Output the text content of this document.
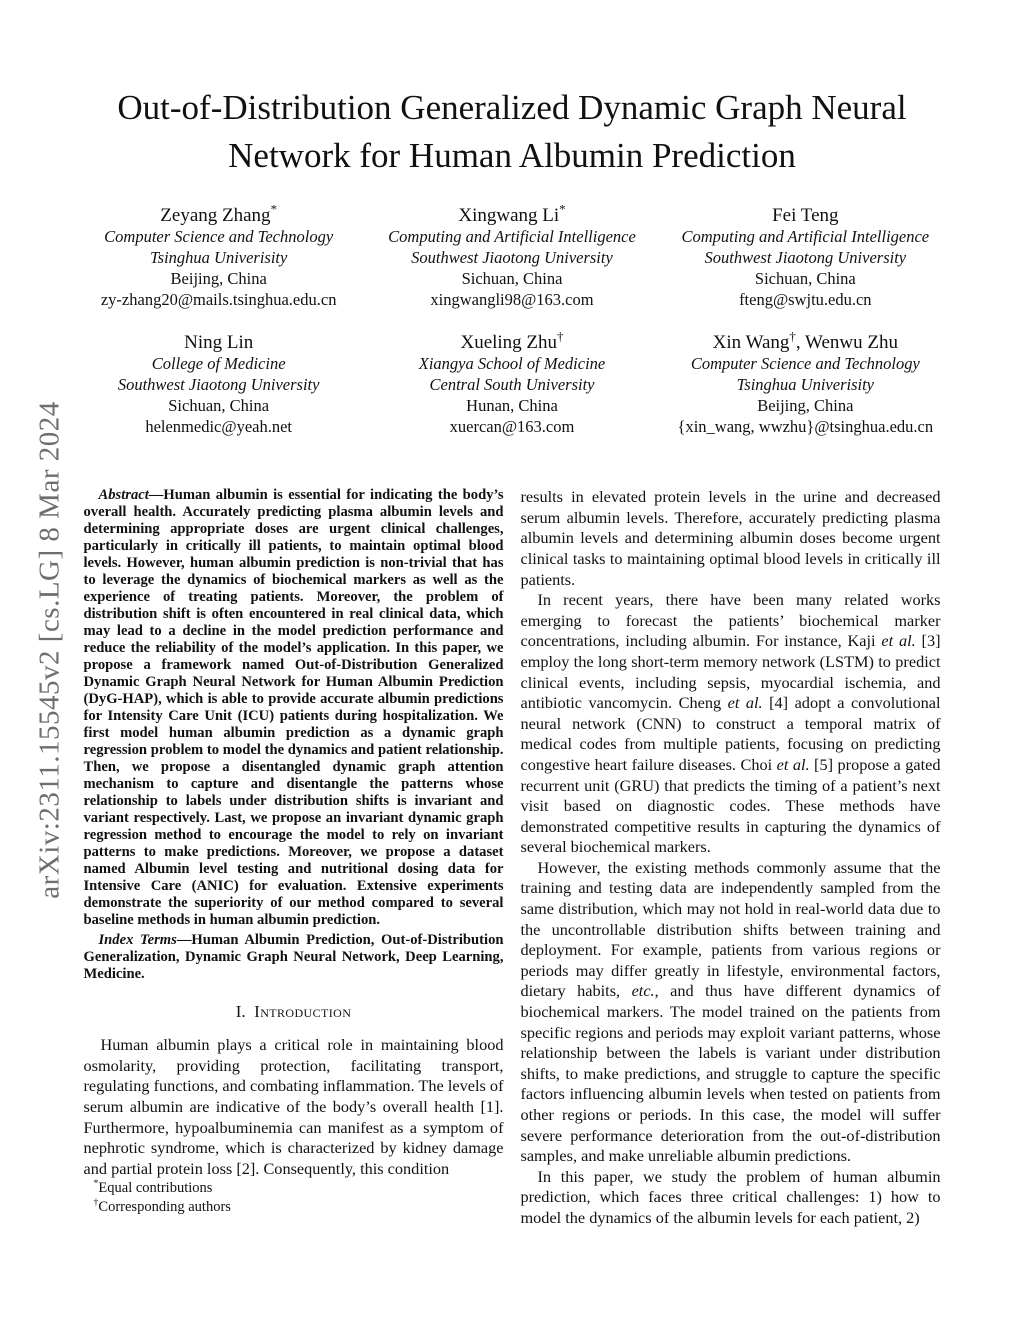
arXiv:2311.15545v2 [cs.LG] 8 Mar 2024
Out-of-Distribution Generalized Dynamic Graph Neural Network for Human Albumin Prediction
Zeyang Zhang*
Computer Science and Technology
Tsinghua Univerisity
Beijing, China
zy-zhang20@mails.tsinghua.edu.cn
Xingwang Li*
Computing and Artificial Intelligence
Southwest Jiaotong University
Sichuan, China
xingwangli98@163.com
Fei Teng
Computing and Artificial Intelligence
Southwest Jiaotong University
Sichuan, China
fteng@swjtu.edu.cn
Ning Lin
College of Medicine
Southwest Jiaotong University
Sichuan, China
helenmedic@yeah.net
Xueling Zhu†
Xiangya School of Medicine
Central South University
Hunan, China
xuercan@163.com
Xin Wang†, Wenwu Zhu
Computer Science and Technology
Tsinghua Univerisity
Beijing, China
{xin_wang, wwzhu}@tsinghua.edu.cn

Abstract—Human albumin is essential for indicating the body’s overall health. Accurately predicting plasma albumin levels and determining appropriate doses are urgent clinical challenges, particularly in critically ill patients, to maintain optimal blood levels. However, human albumin prediction is non-trivial that has to leverage the dynamics of biochemical markers as well as the experience of treating patients. Moreover, the problem of distribution shift is often encountered in real clinical data, which may lead to a decline in the model prediction performance and reduce the reliability of the model’s application. In this paper, we propose a framework named Out-of-Distribution Generalized Dynamic Graph Neural Network for Human Albumin Prediction (DyG-HAP), which is able to provide accurate albumin predictions for Intensity Care Unit (ICU) patients during hospitalization. We first model human albumin prediction as a dynamic graph regression problem to model the dynamics and patient relationship. Then, we propose a disentangled dynamic graph attention mechanism to capture and disentangle the patterns whose relationship to labels under distribution shifts is invariant and variant respectively. Last, we propose an invariant dynamic graph regression method to encourage the model to rely on invariant patterns to make predictions. Moreover, we propose a dataset named Albumin level testing and nutritional dosing data for Intensive Care (ANIC) for evaluation. Extensive experiments demonstrate the superiority of our method compared to several baseline methods in human albumin prediction.

Index Terms—Human Albumin Prediction, Out-of-Distribution Generalization, Dynamic Graph Neural Network, Deep Learning, Medicine.

I. Introduction

Human albumin plays a critical role in maintaining blood osmolarity, providing protection, facilitating transport, regulating functions, and combating inflammation. The levels of serum albumin are indicative of the body’s overall health [1]. Furthermore, hypoalbuminemia can manifest as a symptom of nephrotic syndrome, which is characterized by kidney damage and partial protein loss [2]. Consequently, this condition

*Equal contributions
†Corresponding authors

results in elevated protein levels in the urine and decreased serum albumin levels. Therefore, accurately predicting plasma albumin levels and determining albumin doses become urgent clinical tasks to maintaining optimal blood levels in critically ill patients.

In recent years, there have been many related works emerging to forecast the patients’ biochemical marker concentrations, including albumin. For instance, Kaji et al. [3] employ the long short-term memory network (LSTM) to predict clinical events, including sepsis, myocardial ischemia, and antibiotic vancomycin. Cheng et al. [4] adopt a convolutional neural network (CNN) to construct a temporal matrix of medical codes from multiple patients, focusing on predicting congestive heart failure diseases. Choi et al. [5] propose a gated recurrent unit (GRU) that predicts the timing of a patient’s next visit based on diagnostic codes. These methods have demonstrated competitive results in capturing the dynamics of several biochemical markers.

However, the existing methods commonly assume that the training and testing data are independently sampled from the same distribution, which may not hold in real-world data due to the uncontrollable distribution shifts between training and deployment. For example, patients from various regions or periods may differ greatly in lifestyle, environmental factors, dietary habits, etc., and thus have different dynamics of biochemical markers. The model trained on the patients from specific regions and periods may exploit variant patterns, whose relationship between the labels is variant under distribution shifts, to make predictions, and struggle to capture the specific factors influencing albumin levels when tested on patients from other regions or periods. In this case, the model will suffer severe performance deterioration from the out-of-distribution samples, and make unreliable albumin predictions.

In this paper, we study the problem of human albumin prediction, which faces three critical challenges: 1) how to model the dynamics of the albumin levels for each patient, 2)
